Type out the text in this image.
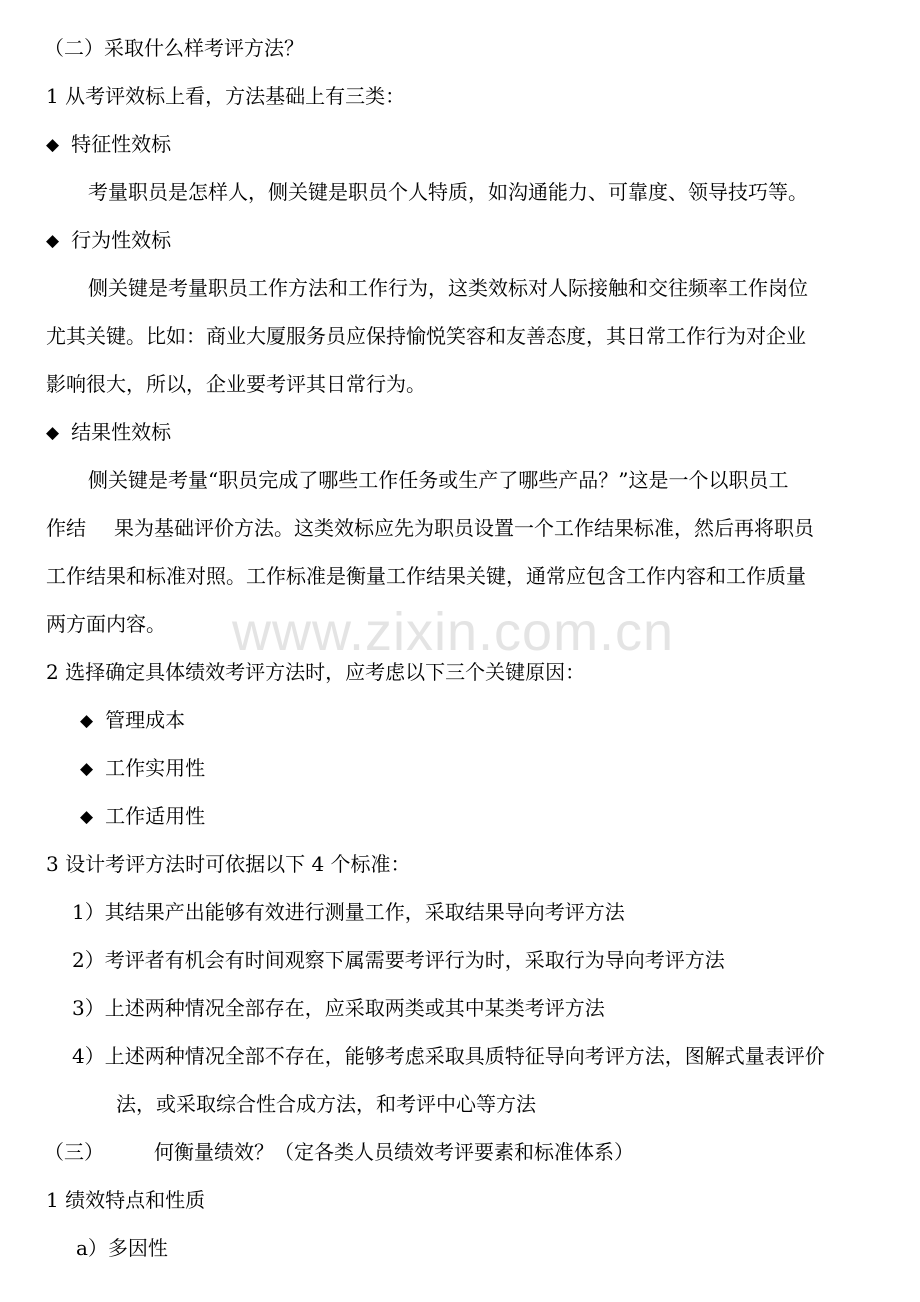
www.zixin.com.cn
（二）采取什么样考评方法？
1 从考评效标上看，方法基础上有三类：
◆ 特征性效标
考量职员是怎样人，侧关键是职员个人特质，如沟通能力、可靠度、领导技巧等。
◆ 行为性效标
侧关键是考量职员工作方法和工作行为，这类效标对人际接触和交往频率工作岗位
尤其关键。比如：商业大厦服务员应保持愉悦笑容和友善态度，其日常工作行为对企业
影响很大，所以，企业要考评其日常行为。
◆ 结果性效标
侧关键是考量“职员完成了哪些工作任务或生产了哪些产品？”这是一个以职员工
作结 果为基础评价方法。这类效标应先为职员设置一个工作结果标准，然后再将职员
工作结果和标准对照。工作标准是衡量工作结果关键，通常应包含工作内容和工作质量
两方面内容。
2 选择确定具体绩效考评方法时，应考虑以下三个关键原因：
◆ 管理成本
◆ 工作实用性
◆ 工作适用性
3 设计考评方法时可依据以下 4 个标准：
1）其结果产出能够有效进行测量工作，采取结果导向考评方法
2）考评者有机会有时间观察下属需要考评行为时，采取行为导向考评方法
3）上述两种情况全部存在，应采取两类或其中某类考评方法
4）上述两种情况全部不存在，能够考虑采取具质特征导向考评方法，图解式量表评价
法，或采取综合性合成方法，和考评中心等方法
（三）	何衡量绩效？（定各类人员绩效考评要素和标准体系）
1 绩效特点和性质
a）多因性
